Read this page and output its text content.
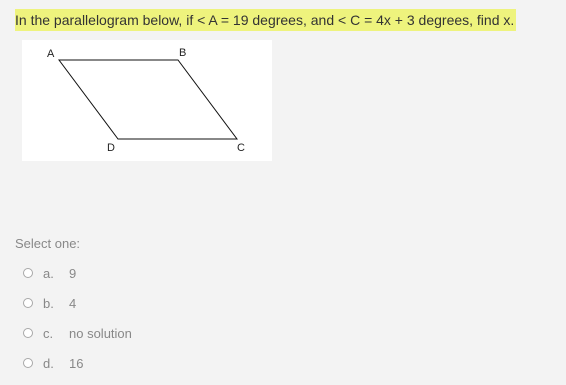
In the parallelogram below, if < A = 19 degrees, and < C = 4x + 3 degrees, find x.
A	B
C
D
Select one:
a.	9
b.	4
c.	no solution
d.	16
